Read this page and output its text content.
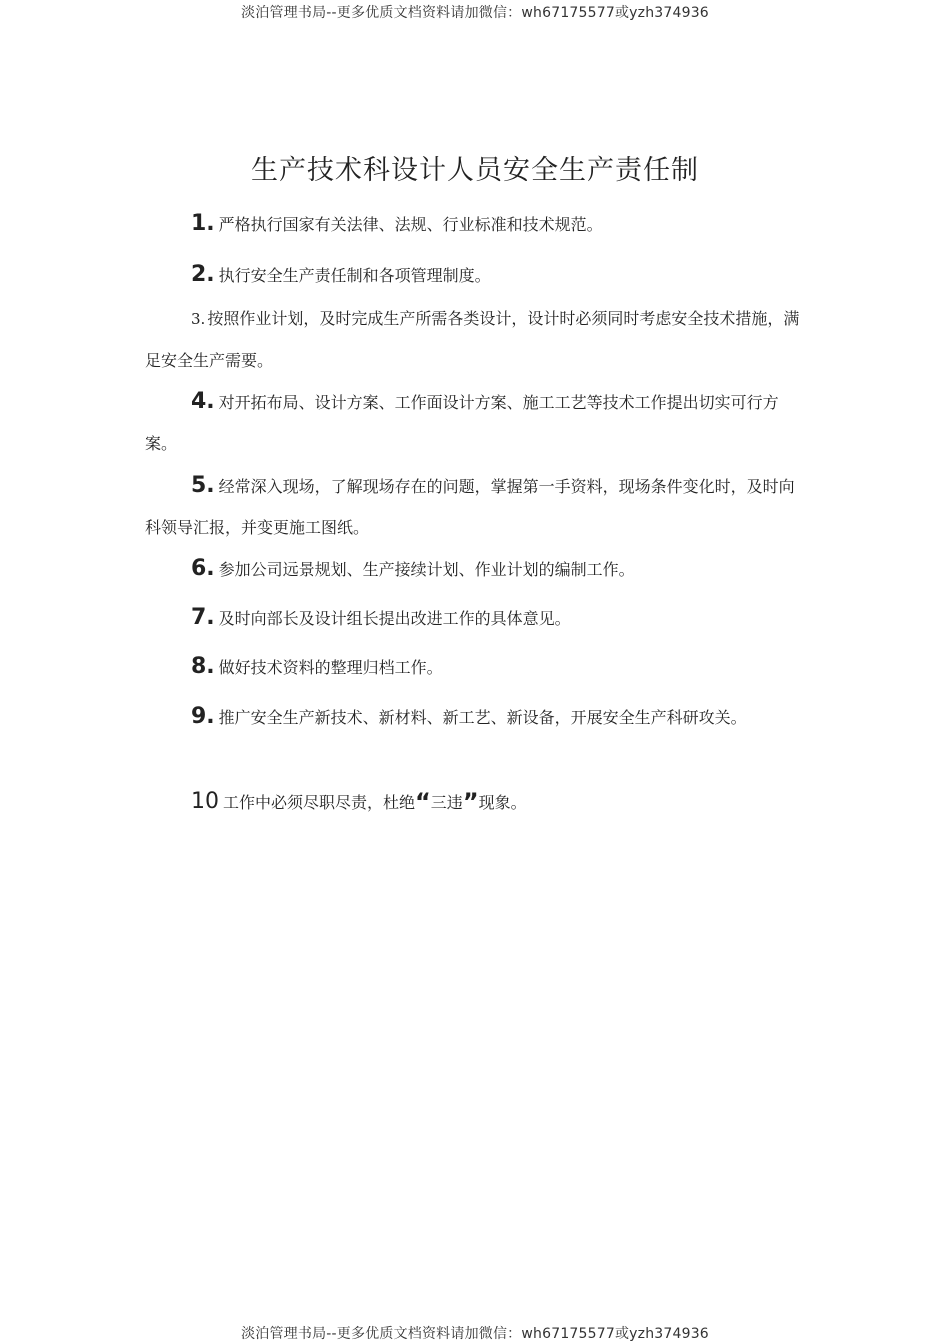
淡泊管理书局--更多优质文档资料请加微信：wh67175577或yzh374936
生产技术科设计人员安全生产责任制
1. 严格执行国家有关法律、法规、行业标准和技术规范。
2. 执行安全生产责任制和各项管理制度。
3. 按照作业计划，及时完成生产所需各类设计，设计时必须同时考虑安全技术措施，满足安全生产需要。
4. 对开拓布局、设计方案、工作面设计方案、施工工艺等技术工作提出切实可行方案。
5. 经常深入现场，了解现场存在的问题，掌握第一手资料，现场条件变化时，及时向科领导汇报，并变更施工图纸。
6. 参加公司远景规划、生产接续计划、作业计划的编制工作。
7. 及时向部长及设计组长提出改进工作的具体意见。
8. 做好技术资料的整理归档工作。
9. 推广安全生产新技术、新材料、新工艺、新设备，开展安全生产科研攻关。
10 工作中必须尽职尽责，杜绝“三违”现象。
淡泊管理书局--更多优质文档资料请加微信：wh67175577或yzh374936
